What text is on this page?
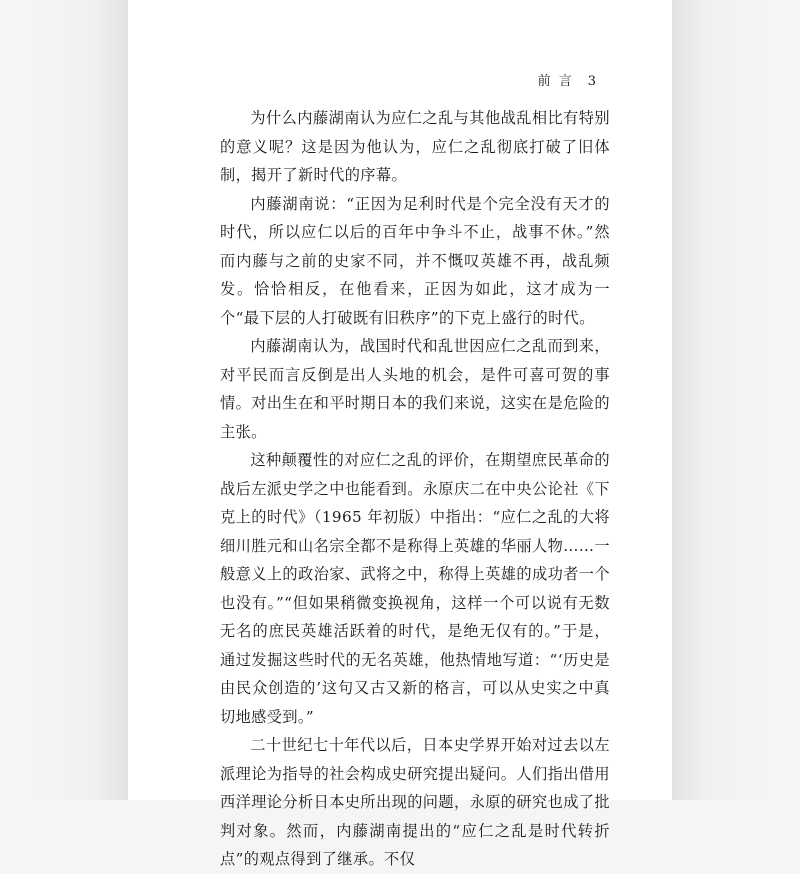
前 言 3

为什么内藤湖南认为应仁之乱与其他战乱相比有特别的意义呢？这是因为他认为，应仁之乱彻底打破了旧体制，揭开了新时代的序幕。

内藤湖南说：“正因为足利时代是个完全没有天才的时代，所以应仁以后的百年中争斗不止，战事不休。”然而内藤与之前的史家不同，并不慨叹英雄不再，战乱频发。恰恰相反，在他看来，正因为如此，这才成为一个“最下层的人打破既有旧秩序”的下克上盛行的时代。

内藤湖南认为，战国时代和乱世因应仁之乱而到来，对平民而言反倒是出人头地的机会，是件可喜可贺的事情。对出生在和平时期日本的我们来说，这实在是危险的主张。

这种颠覆性的对应仁之乱的评价，在期望庶民革命的战后左派史学之中也能看到。永原庆二在中央公论社《下克上的时代》（1965 年初版）中指出：“应仁之乱的大将细川胜元和山名宗全都不是称得上英雄的华丽人物……一般意义上的政治家、武将之中，称得上英雄的成功者一个也没有。”“但如果稍微变换视角，这样一个可以说有无数无名的庶民英雄活跃着的时代，是绝无仅有的。”于是，通过发掘这些时代的无名英雄，他热情地写道：“‘历史是由民众创造的’这句又古又新的格言，可以从史实之中真切地感受到。”

二十世纪七十年代以后，日本史学界开始对过去以左派理论为指导的社会构成史研究提出疑问。人们指出借用西洋理论分析日本史所出现的问题，永原的研究也成了批判对象。然而，内藤湖南提出的“应仁之乱是时代转折点”的观点得到了继承。不仅
